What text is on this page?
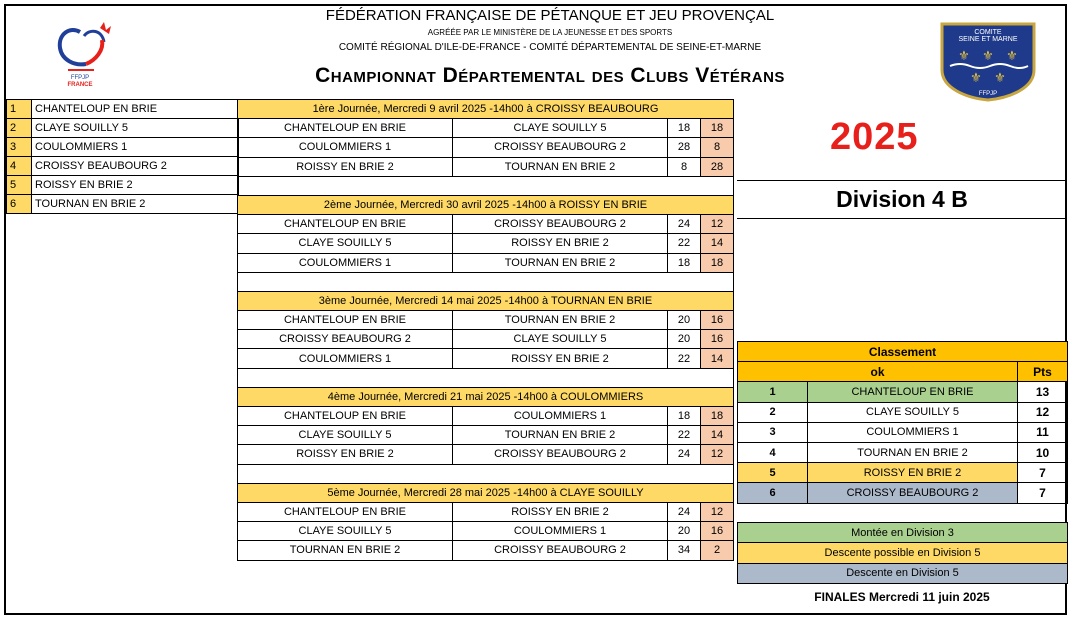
FFPJP
FRANCE
COMITE
SEINE ET MARNE
⚜ ⚜ ⚜
⚜ ⚜
FFPJP
FÉDÉRATION FRANÇAISE DE PÉTANQUE ET JEU PROVENÇAL
AGRÉÉE PAR LE MINISTÈRE DE LA JEUNESSE ET DES SPORTS
COMITÉ RÉGIONAL D'ILE-DE-FRANCE - COMITÉ DÉPARTEMENTAL DE SEINE-ET-MARNE
Championnat Départemental des Clubs Vétérans
1	CHANTELOUP EN BRIE
2	CLAYE SOUILLY 5
3	COULOMMIERS 1
4	CROISSY BEAUBOURG 2
5	ROISSY EN BRIE 2
6	TOURNAN EN BRIE 2
1ère Journée, Mercredi 9 avril 2025 -14h00 à CROISSY BEAUBOURG			
CHANTELOUP EN BRIE	CLAYE SOUILLY 5	18	18
COULOMMIERS 1	CROISSY BEAUBOURG 2	28	8
ROISSY EN BRIE 2	TOURNAN EN BRIE 2	8	28

2ème Journée, Mercredi 30 avril 2025 -14h00 à ROISSY EN BRIE			
CHANTELOUP EN BRIE	CROISSY BEAUBOURG 2	24	12
CLAYE SOUILLY 5	ROISSY EN BRIE 2	22	14
COULOMMIERS 1	TOURNAN EN BRIE 2	18	18

3ème Journée, Mercredi 14 mai 2025 -14h00 à TOURNAN EN BRIE			
CHANTELOUP EN BRIE	TOURNAN EN BRIE 2	20	16
CROISSY BEAUBOURG 2	CLAYE SOUILLY 5	20	16
COULOMMIERS 1	ROISSY EN BRIE 2	22	14

4ème Journée, Mercredi 21 mai 2025 -14h00 à COULOMMIERS			
CHANTELOUP EN BRIE	COULOMMIERS 1	18	18
CLAYE SOUILLY 5	TOURNAN EN BRIE 2	22	14
ROISSY EN BRIE 2	CROISSY BEAUBOURG 2	24	12

5ème Journée, Mercredi 28 mai 2025 -14h00 à CLAYE SOUILLY			
CHANTELOUP EN BRIE	ROISSY EN BRIE 2	24	12
CLAYE SOUILLY 5	COULOMMIERS 1	20	16
TOURNAN EN BRIE 2	CROISSY BEAUBOURG 2	34	2
2025
Division 4 B
Classement		
ok		Pts
1	CHANTELOUP EN BRIE	13
2	CLAYE SOUILLY 5	12
3	COULOMMIERS 1	11
4	TOURNAN EN BRIE 2	10
5	ROISSY EN BRIE 2	7
6	CROISSY BEAUBOURG 2	7
Montée en Division 3
Descente possible en Division 5
Descente en Division 5
FINALES Mercredi 11 juin 2025
